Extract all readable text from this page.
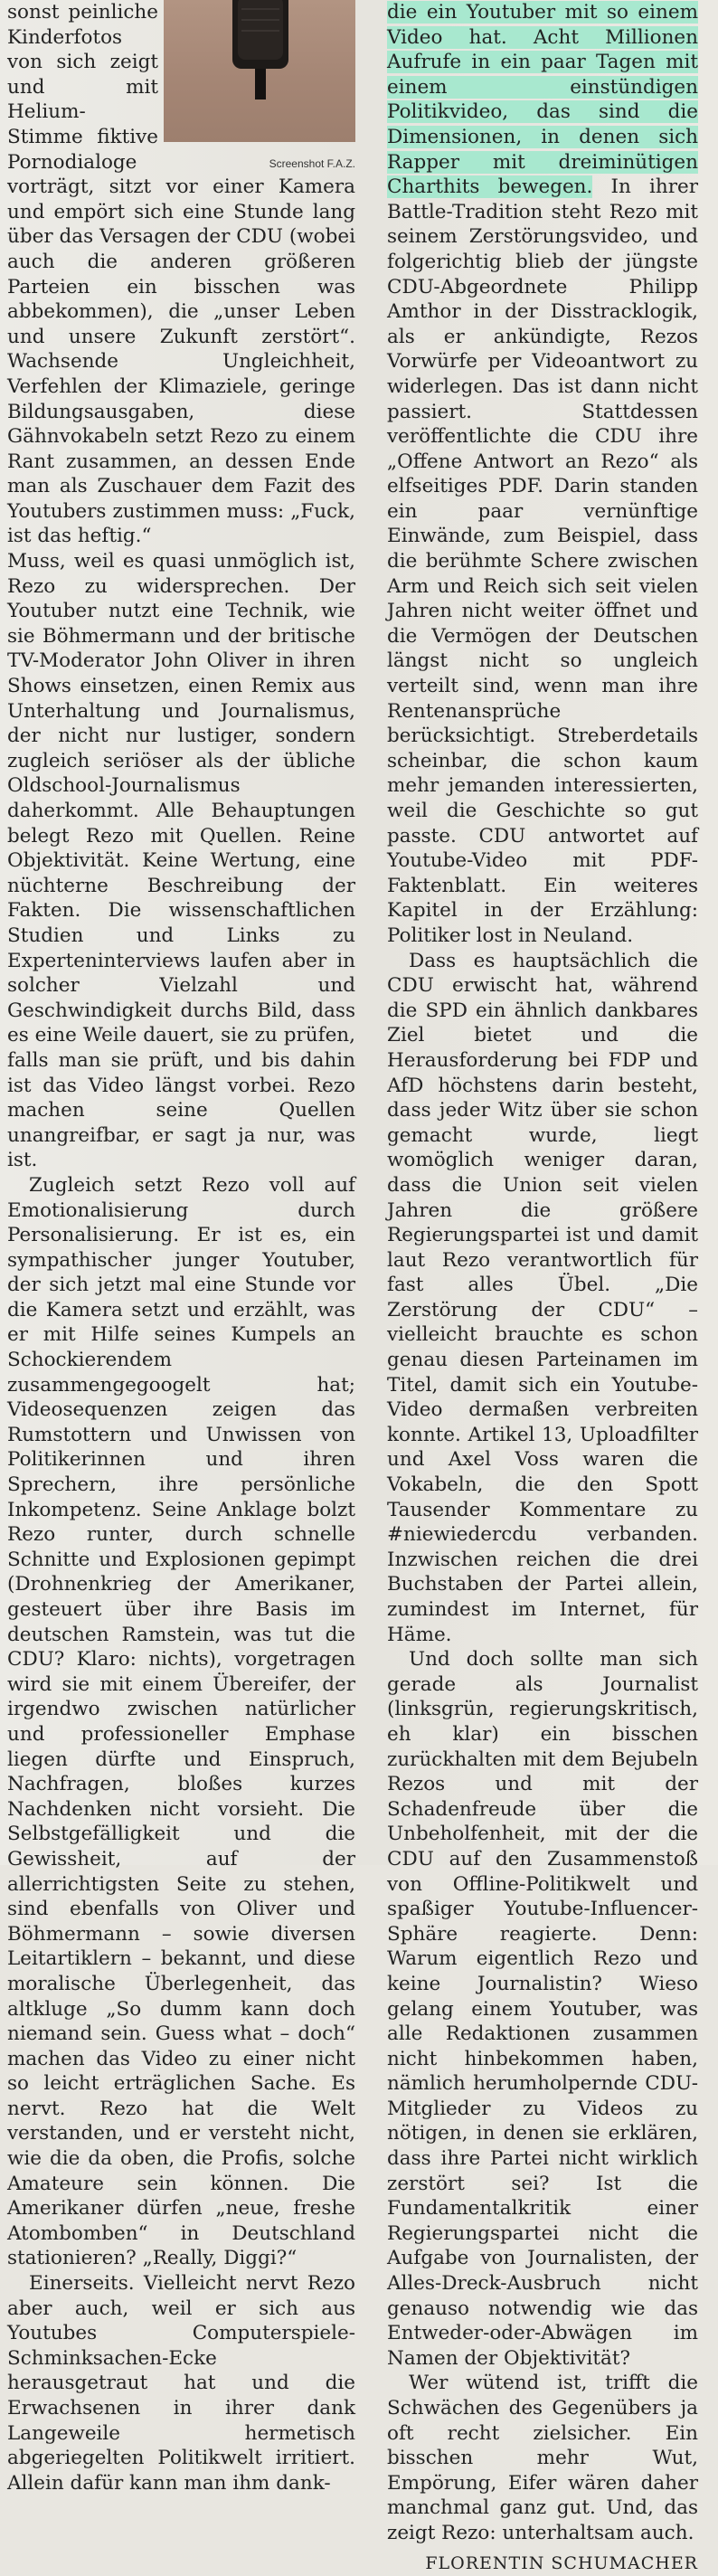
Screenshot F.A.Z.

sonst peinliche Kinderfotos von sich zeigt und mit Helium-Stimme fiktive Pornodialoge vorträgt, sitzt vor einer Kamera und empört sich eine Stunde lang über das Versagen der CDU (wobei auch die anderen größeren Parteien ein bisschen was abbekommen), die „unser Leben und unsere Zukunft zerstört“. Wachsende Ungleichheit, Verfehlen der Klimaziele, geringe Bildungsausgaben, diese Gähnvokabeln setzt Rezo zu einem Rant zusammen, an dessen Ende man als Zuschauer dem Fazit des Youtubers zustimmen muss: „Fuck, ist das heftig.“

Muss, weil es quasi unmöglich ist, Rezo zu widersprechen. Der Youtuber nutzt eine Technik, wie sie Böhmermann und der britische TV-Moderator John Oliver in ihren Shows einsetzen, einen Remix aus Unterhaltung und Journalismus, der nicht nur lustiger, sondern zugleich seriöser als der übliche Oldschool-Journalismus daherkommt. Alle Behauptungen belegt Rezo mit Quellen. Reine Objektivität. Keine Wertung, eine nüchterne Beschreibung der Fakten. Die wissenschaftlichen Studien und Links zu Experteninterviews laufen aber in solcher Vielzahl und Geschwindigkeit durchs Bild, dass es eine Weile dauert, sie zu prüfen, falls man sie prüft, und bis dahin ist das Video längst vorbei. Rezo machen seine Quellen unangreifbar, er sagt ja nur, was ist.

Zugleich setzt Rezo voll auf Emotionalisierung durch Personalisierung. Er ist es, ein sympathischer junger Youtuber, der sich jetzt mal eine Stunde vor die Kamera setzt und erzählt, was er mit Hilfe seines Kumpels an Schockierendem zusammengegoogelt hat; Videosequenzen zeigen das Rumstottern und Unwissen von Politikerinnen und ihren Sprechern, ihre persönliche Inkompetenz. Seine Anklage bolzt Rezo runter, durch schnelle Schnitte und Explosionen gepimpt (Drohnenkrieg der Amerikaner, gesteuert über ihre Basis im deutschen Ramstein, was tut die CDU? Klaro: nichts), vorgetragen wird sie mit einem Übereifer, der irgendwo zwischen natürlicher und professioneller Emphase liegen dürfte und Einspruch, Nachfragen, bloßes kurzes Nachdenken nicht vorsieht. Die Selbstgefälligkeit und die Gewissheit, auf der allerrichtigsten Seite zu stehen, sind ebenfalls von Oliver und Böhmermann – sowie diversen Leitartiklern – bekannt, und diese moralische Überlegenheit, das altkluge „So dumm kann doch niemand sein. Guess what – doch“ machen das Video zu einer nicht so leicht erträglichen Sache. Es nervt. Rezo hat die Welt verstanden, und er versteht nicht, wie die da oben, die Profis, solche Amateure sein können. Die Amerikaner dürfen „neue, freshe Atombomben“ in Deutschland stationieren? „Really, Diggi?“

Einerseits. Vielleicht nervt Rezo aber auch, weil er sich aus Youtubes Computerspiele-Schminksachen-Ecke herausgetraut hat und die Erwachsenen in ihrer dank Langeweile hermetisch abgeriegelten Politikwelt irritiert. Allein dafür kann man ihm dank-

die ein Youtuber mit so einem Video hat. Acht Millionen Aufrufe in ein paar Tagen mit einem einstündigen Politikvideo, das sind die Dimensionen, in denen sich Rapper mit dreiminütigen Charthits bewegen. In ihrer Battle-Tradition steht Rezo mit seinem Zerstörungsvideo, und folgerichtig blieb der jüngste CDU-Abgeordnete Philipp Amthor in der Disstracklogik, als er ankündigte, Rezos Vorwürfe per Videoantwort zu widerlegen. Das ist dann nicht passiert. Stattdessen veröffentlichte die CDU ihre „Offene Antwort an Rezo“ als elfseitiges PDF. Darin standen ein paar vernünftige Einwände, zum Beispiel, dass die berühmte Schere zwischen Arm und Reich sich seit vielen Jahren nicht weiter öffnet und die Vermögen der Deutschen längst nicht so ungleich verteilt sind, wenn man ihre Rentenansprüche berücksichtigt. Streberdetails scheinbar, die schon kaum mehr jemanden interessierten, weil die Geschichte so gut passte. CDU antwortet auf Youtube-Video mit PDF-Faktenblatt. Ein weiteres Kapitel in der Erzählung: Politiker lost in Neuland.

Dass es hauptsächlich die CDU erwischt hat, während die SPD ein ähnlich dankbares Ziel bietet und die Herausforderung bei FDP und AfD höchstens darin besteht, dass jeder Witz über sie schon gemacht wurde, liegt womöglich weniger daran, dass die Union seit vielen Jahren die größere Regierungspartei ist und damit laut Rezo verantwortlich für fast alles Übel. „Die Zerstörung der CDU“ – vielleicht brauchte es schon genau diesen Parteinamen im Titel, damit sich ein Youtube-Video dermaßen verbreiten konnte. Artikel 13, Uploadfilter und Axel Voss waren die Vokabeln, die den Spott Tausender Kommentare zu #niewiedercdu verbanden. Inzwischen reichen die drei Buchstaben der Partei allein, zumindest im Internet, für Häme.

Und doch sollte man sich gerade als Journalist (linksgrün, regierungskritisch, eh klar) ein bisschen zurückhalten mit dem Bejubeln Rezos und mit der Schadenfreude über die Unbeholfenheit, mit der die CDU auf den Zusammenstoß von Offline-Politikwelt und spaßiger Youtube-Influencer-Sphäre reagierte. Denn: Warum eigentlich Rezo und keine Journalistin? Wieso gelang einem Youtuber, was alle Redaktionen zusammen nicht hinbekommen haben, nämlich herumholpernde CDU-Mitglieder zu Videos zu nötigen, in denen sie erklären, dass ihre Partei nicht wirklich zerstört sei? Ist die Fundamentalkritik einer Regierungspartei nicht die Aufgabe von Journalisten, der Alles-Dreck-Ausbruch nicht genauso notwendig wie das Entweder-oder-Abwägen im Namen der Objektivität?

Wer wütend ist, trifft die Schwächen des Gegenübers ja oft recht zielsicher. Ein bisschen mehr Wut, Empörung, Eifer wären daher manchmal ganz gut. Und, das zeigt Rezo: unterhaltsam auch.

FLORENTIN SCHUMACHER
